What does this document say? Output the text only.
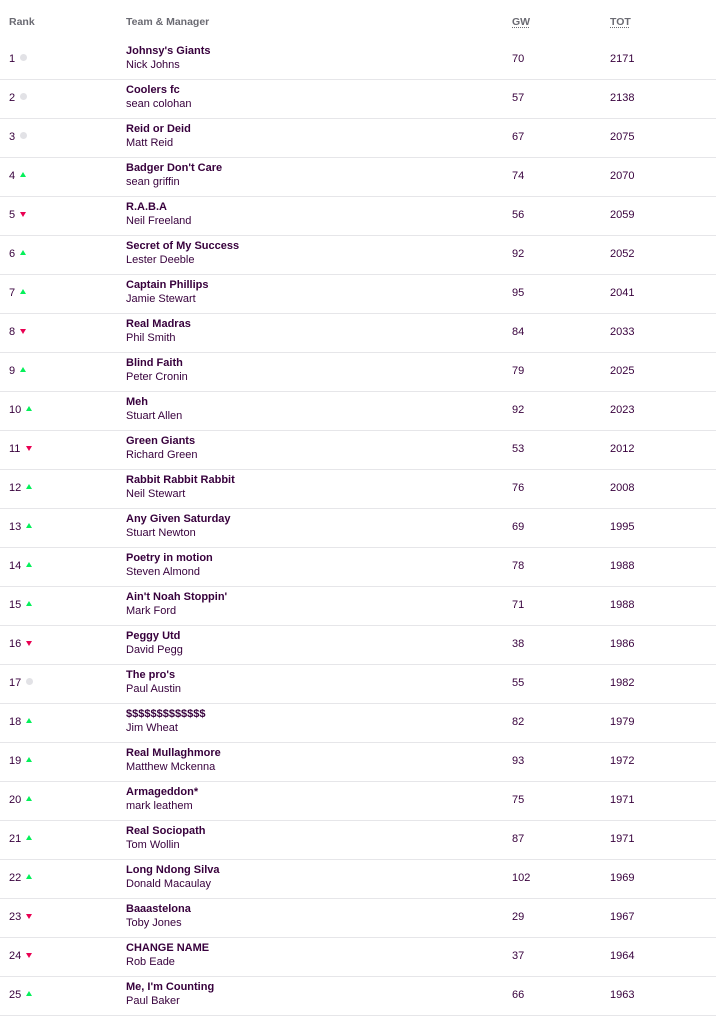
Rank	Team & Manager	GW	TOT
1
Johnsy's Giants
Nick Johns	70	2171
2
Coolers fc
sean colohan	57	2138
3
Reid or Deid
Matt Reid	67	2075
4
Badger Don't Care
sean griffin	74	2070
5
R.A.B.A
Neil Freeland	56	2059
6
Secret of My Success
Lester Deeble	92	2052
7
Captain Phillips
Jamie Stewart	95	2041
8
Real Madras
Phil Smith	84	2033
9
Blind Faith
Peter Cronin	79	2025
10
Meh
Stuart Allen	92	2023
11
Green Giants
Richard Green	53	2012
12
Rabbit Rabbit Rabbit
Neil Stewart	76	2008
13
Any Given Saturday
Stuart Newton	69	1995
14
Poetry in motion
Steven Almond	78	1988
15
Ain't Noah Stoppin'
Mark Ford	71	1988
16
Peggy Utd
David Pegg	38	1986
17
The pro's
Paul Austin	55	1982
18
$$$$$$$$$$$$$
Jim Wheat	82	1979
19
Real Mullaghmore
Matthew Mckenna	93	1972
20
Armageddon*
mark leathem	75	1971
21
Real Sociopath
Tom Wollin	87	1971
22
Long Ndong Silva
Donald Macaulay	102	1969
23
Baaastelona
Toby Jones	29	1967
24
CHANGE NAME
Rob Eade	37	1964
25
Me, I'm Counting
Paul Baker	66	1963
